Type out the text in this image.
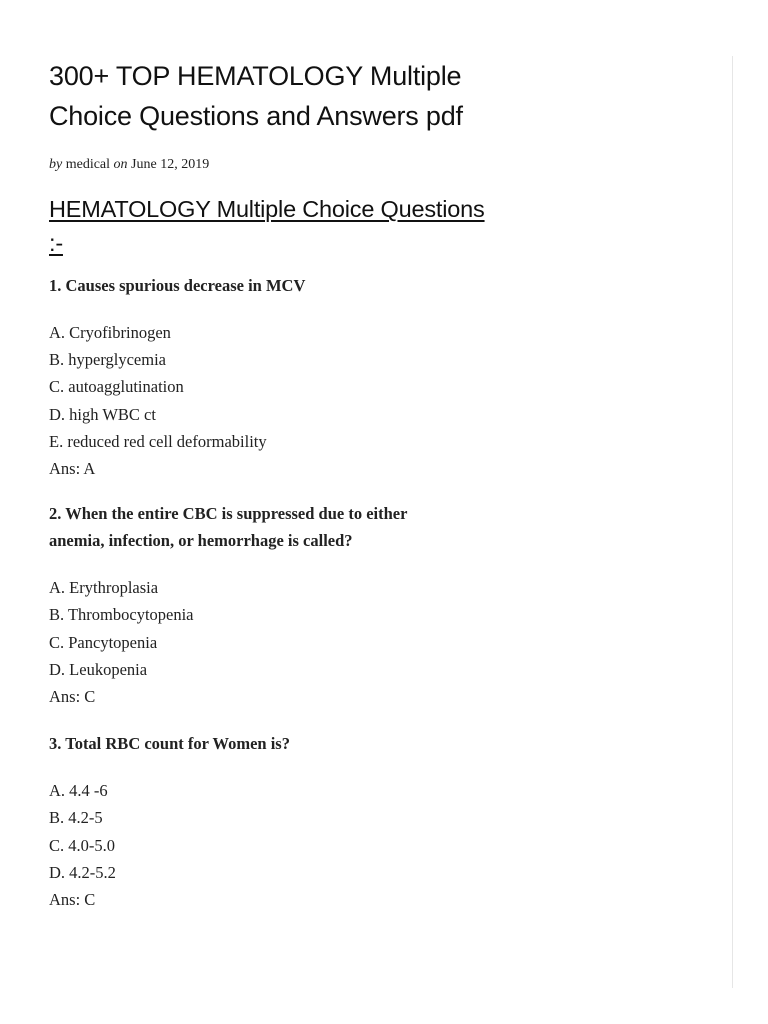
300+ TOP HEMATOLOGY Multiple
Choice Questions and Answers pdf
by medical on June 12, 2019
HEMATOLOGY Multiple Choice Questions
:-

1. Causes spurious decrease in MCV

A. Cryofibrinogen
B. hyperglycemia
C. autoagglutination
D. high WBC ct
E. reduced red cell deformability
Ans: A

2. When the entire CBC is suppressed due to either
anemia, infection, or hemorrhage is called?

A. Erythroplasia
B. Thrombocytopenia
C. Pancytopenia
D. Leukopenia
Ans: C

3. Total RBC count for Women is?

A. 4.4 -6
B. 4.2-5
C. 4.0-5.0
D. 4.2-5.2
Ans: C
